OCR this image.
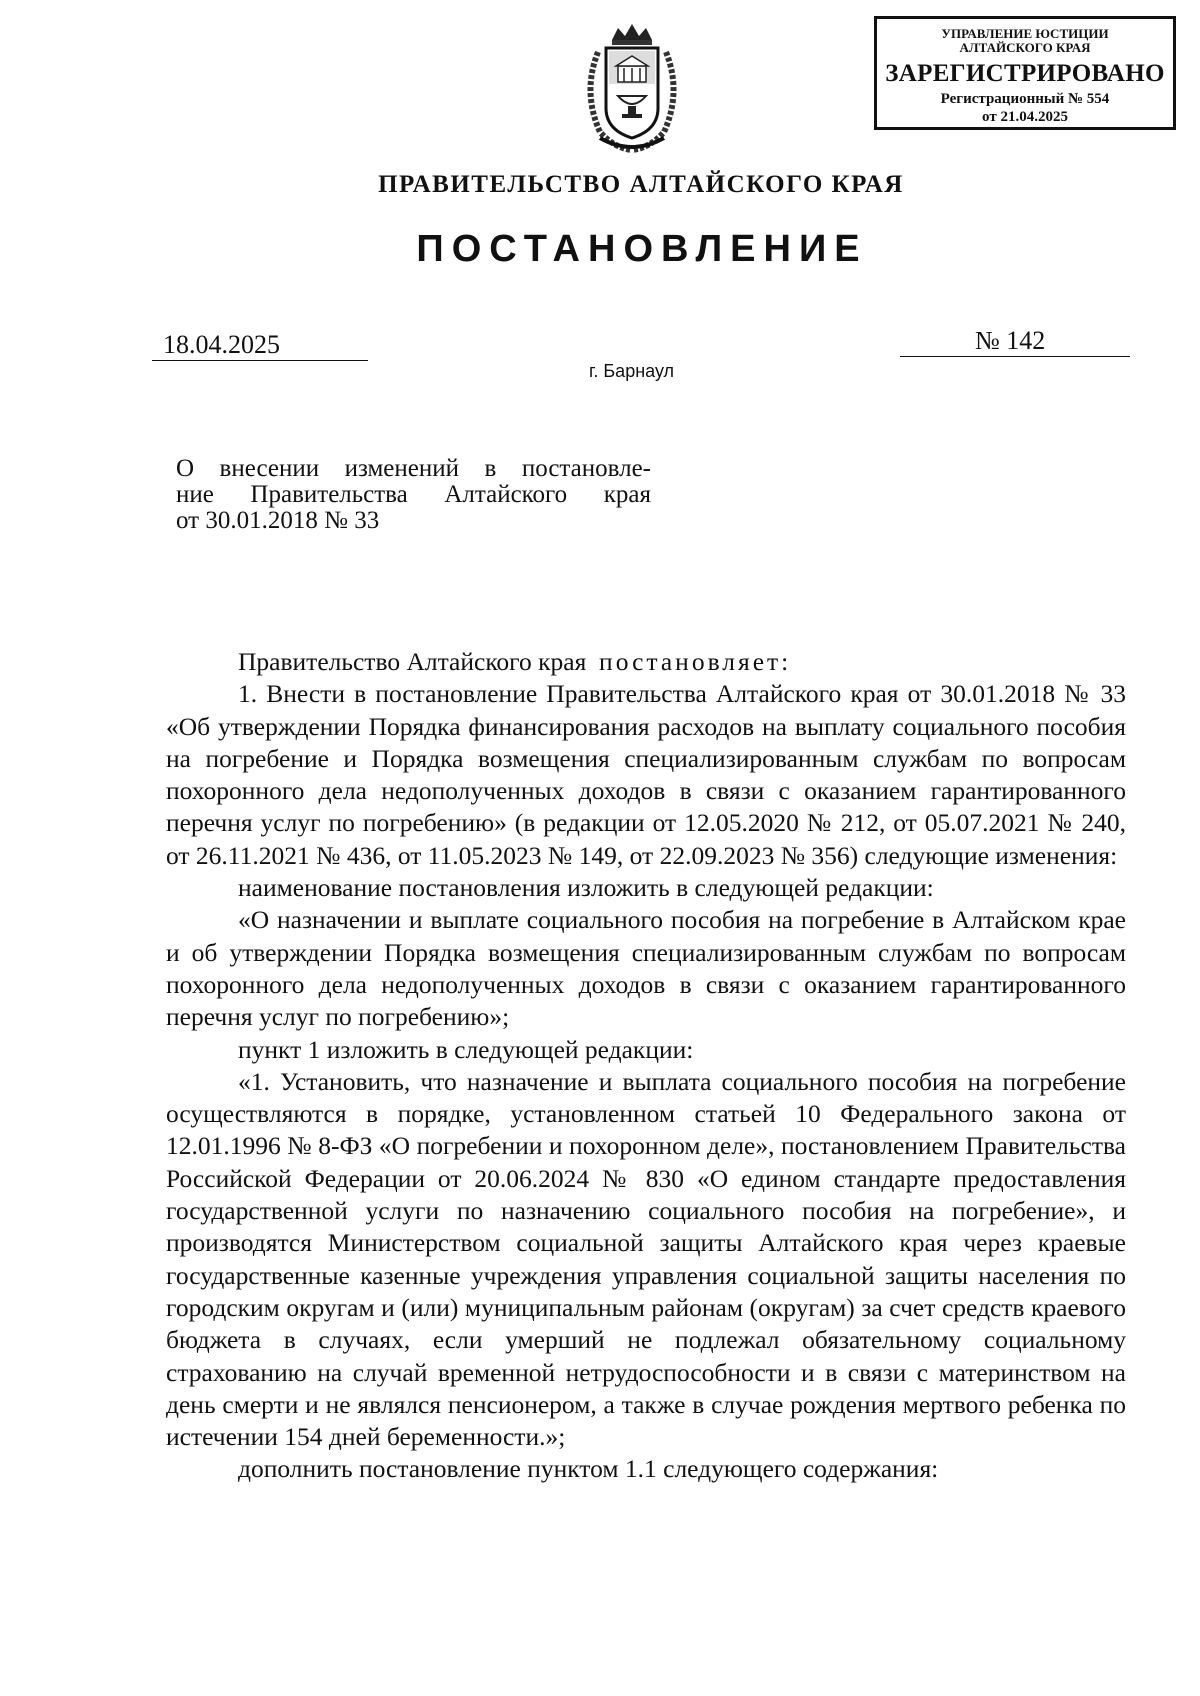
УПРАВЛЕНИЕ ЮСТИЦИИ
АЛТАЙСКОГО КРАЯ
ЗАРЕГИСТРИРОВАНО
Регистрационный № 554
от 21.04.2025
ПРАВИТЕЛЬСТВО АЛТАЙСКОГО КРАЯ
ПОСТАНОВЛЕНИЕ
18.04.2025	№ 142
г. Барнаул
О внесении изменений в постановле-
ние Правительства Алтайского края
от 30.01.2018 № 33

Правительство Алтайского края постановляет:

1. Внести в постановление Правительства Алтайского края от 30.01.2018 № 33 «Об утверждении Порядка финансирования расходов на выплату социального пособия на погребение и Порядка возмещения специализированным службам по вопросам похоронного дела недополученных доходов в связи с оказанием гарантированного перечня услуг по погребению» (в редакции от 12.05.2020 № 212, от 05.07.2021 № 240, от 26.11.2021 № 436, от 11.05.2023 № 149, от 22.09.2023 № 356) следующие изменения:

наименование постановления изложить в следующей редакции:

«О назначении и выплате социального пособия на погребение в Алтайском крае и об утверждении Порядка возмещения специализированным службам по вопросам похоронного дела недополученных доходов в связи с оказанием гарантированного перечня услуг по погребению»;

пункт 1 изложить в следующей редакции:

«1. Установить, что назначение и выплата социального пособия на погребение осуществляются в порядке, установленном статьей 10 Федерального закона от 12.01.1996 № 8-ФЗ «О погребении и похоронном деле», постановлением Правительства Российской Федерации от 20.06.2024 № 830 «О едином стандарте предоставления государственной услуги по назначению социального пособия на погребение», и производятся Министерством социальной защиты Алтайского края через краевые государственные казенные учреждения управления социальной защиты населения по городским округам и (или) муниципальным районам (округам) за счет средств краевого бюджета в случаях, если умерший не подлежал обязательному социальному страхованию на случай временной нетрудоспособности и в связи с материнством на день смерти и не являлся пенсионером, а также в случае рождения мертвого ребенка по истечении 154 дней беременности.»;

дополнить постановление пунктом 1.1 следующего содержания:
